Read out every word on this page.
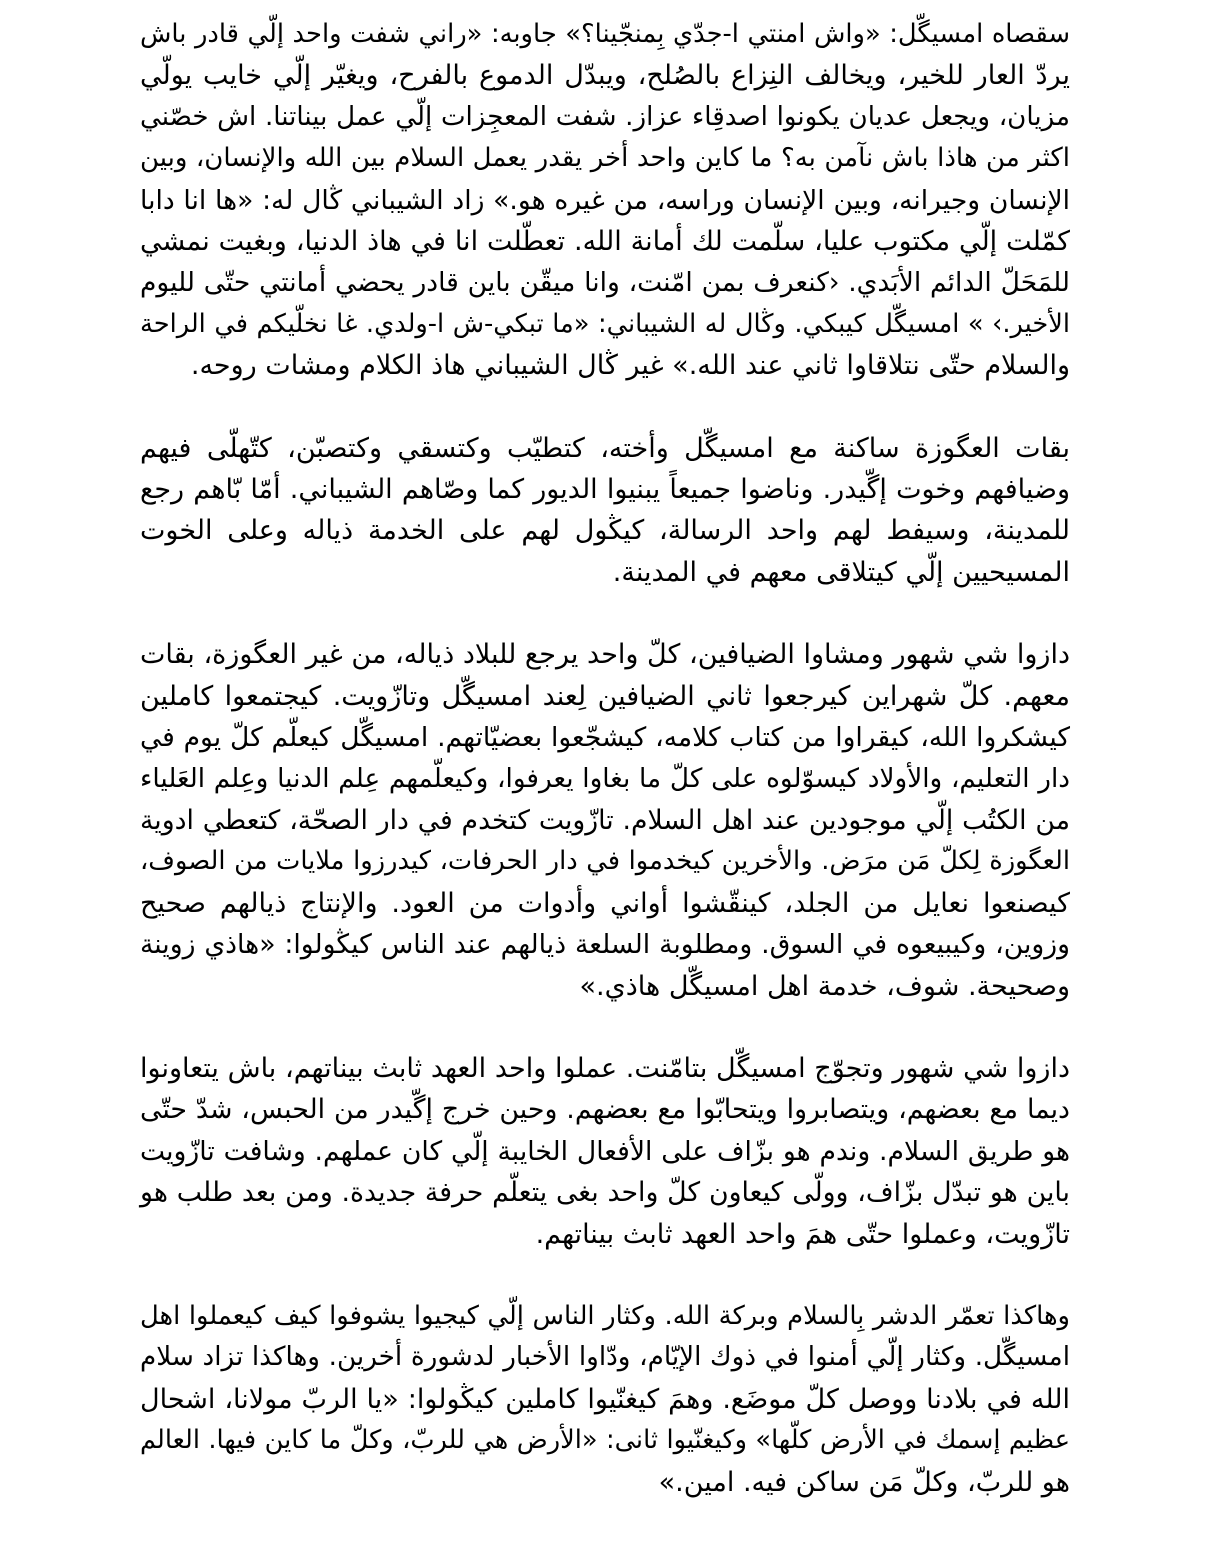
سقصاه امسيگّل: «واش امنتي ا-جدّي بِمنجّينا؟» جاوبه: «راني شفت واحد إلّي قادر باش
يردّ العار للخير، ويخالف النِزاع بالصُلح، ويبدّل الدموع بالفرح، ويغيّر إلّي خايب يولّي
مزيان، ويجعل عديان يكونوا اصدقِاء عزاز. شفت المعجِزات إلّي عمل بيناتنا. اش خصّني
اكثر من هاذا باش نآمن به؟ ما كاين واحد أخر يقدر يعمل السلام بين الله والإنسان، وبين
الإنسان وجيرانه، وبين الإنسان وراسه، من غيره هو.» زاد الشيباني ڭال له: «ها انا دابا
كمّلت إلّي مكتوب عليا، سلّمت لك أمانة الله. تعطّلت انا في هاذ الدنيا، وبغيت نمشي
للمَحَلّ الدائم الأبَدي. ‹كنعرف بمن امّنت، وانا ميقّن باين قادر يحضي أمانتي حتّى لليوم
الأخير.› » امسيگّل كيبكي. وڭال له الشيباني: «ما تبكي-ش ا-ولدي. غا نخلّيكم في الراحة
والسلام حتّى نتلاقاوا ثاني عند الله.» غير ڭال الشيباني هاذ الكلام ومشات روحه.
بقات العگوزة ساكنة مع امسيگّل وأخته، كتطيّب وكتسقي وكتصبّن، كتّهلّى فيهم
وضيافهم وخوت إگّيدر. وناضوا جميعاً يبنيوا الديور كما وصّاهم الشيباني. أمّا بّاهم رجع
للمدينة، وسيفط لهم واحد الرسالة، كيڭول لهم على الخدمة ذياله وعلى الخوت
المسيحيين إلّي كيتلاقى معهم في المدينة.
دازوا شي شهور ومشاوا الضيافين، كلّ واحد يرجع للبلاد ذياله، من غير العگوزة، بقات
معهم. كلّ شهراين كيرجعوا ثاني الضيافين لِعند امسيگّل وتازّويت. كيجتمعوا كاملين
كيشكروا الله، كيقراوا من كتاب كلامه، كيشجّعوا بعضيّاتهم. امسيگّل كيعلّم كلّ يوم في
دار التعليم، والأولاد كيسوّلوه على كلّ ما بغاوا يعرفوا، وكيعلّمهم عِلم الدنيا وعِلم العَلياء
من الكتُب إلّي موجودين عند اهل السلام. تازّويت كتخدم في دار الصحّة، كتعطي ادوية
العگوزة لِكلّ مَن مرَض. والأخرين كيخدموا في دار الحرفات، كيدرزوا ملايات من الصوف،
كيصنعوا نعايل من الجلد، كينقّشوا أواني وأدوات من العود. والإنتاج ذيالهم صحيح
وزوين، وكيبيعوه في السوق. ومطلوبة السلعة ذيالهم عند الناس كيڭولوا: «هاذي زوينة
وصحيحة. شوف، خدمة اهل امسيگّل هاذي.»
دازوا شي شهور وتجوّج امسيگّل بتامّنت. عملوا واحد العهد ثابث بيناتهم، باش يتعاونوا
ديما مع بعضهم، ويتصابروا ويتحابّوا مع بعضهم. وحين خرج إگّيدر من الحبس، شدّ حتّى
هو طريق السلام. وندم هو بزّاف على الأفعال الخايبة إلّي كان عملهم. وشافت تازّويت
باين هو تبدّل بزّاف، وولّى كيعاون كلّ واحد بغى يتعلّم حرفة جديدة. ومن بعد طلب هو
تازّويت، وعملوا حتّى همَ واحد العهد ثابث بيناتهم.
وهاكذا تعمّر الدشر بِالسلام وبركة الله. وكثار الناس إلّي كيجيوا يشوفوا كيف كيعملوا اهل
امسيگّل. وكثار إلّي أمنوا في ذوك الإيّام، ودّاوا الأخبار لدشورة أخرين. وهاكذا تزاد سلام
الله في بلادنا ووصل كلّ موضَع. وهمَ كيغنّيوا كاملين كيڭولوا: «يا الربّ مولانا، اشحال
عظيم إسمك في الأرض كلّها» وكيغنّيوا ثانى: «الأرض هي للربّ، وكلّ ما كاين فيها. العالم
هو للربّ، وكلّ مَن ساكن فيه. امين.»
